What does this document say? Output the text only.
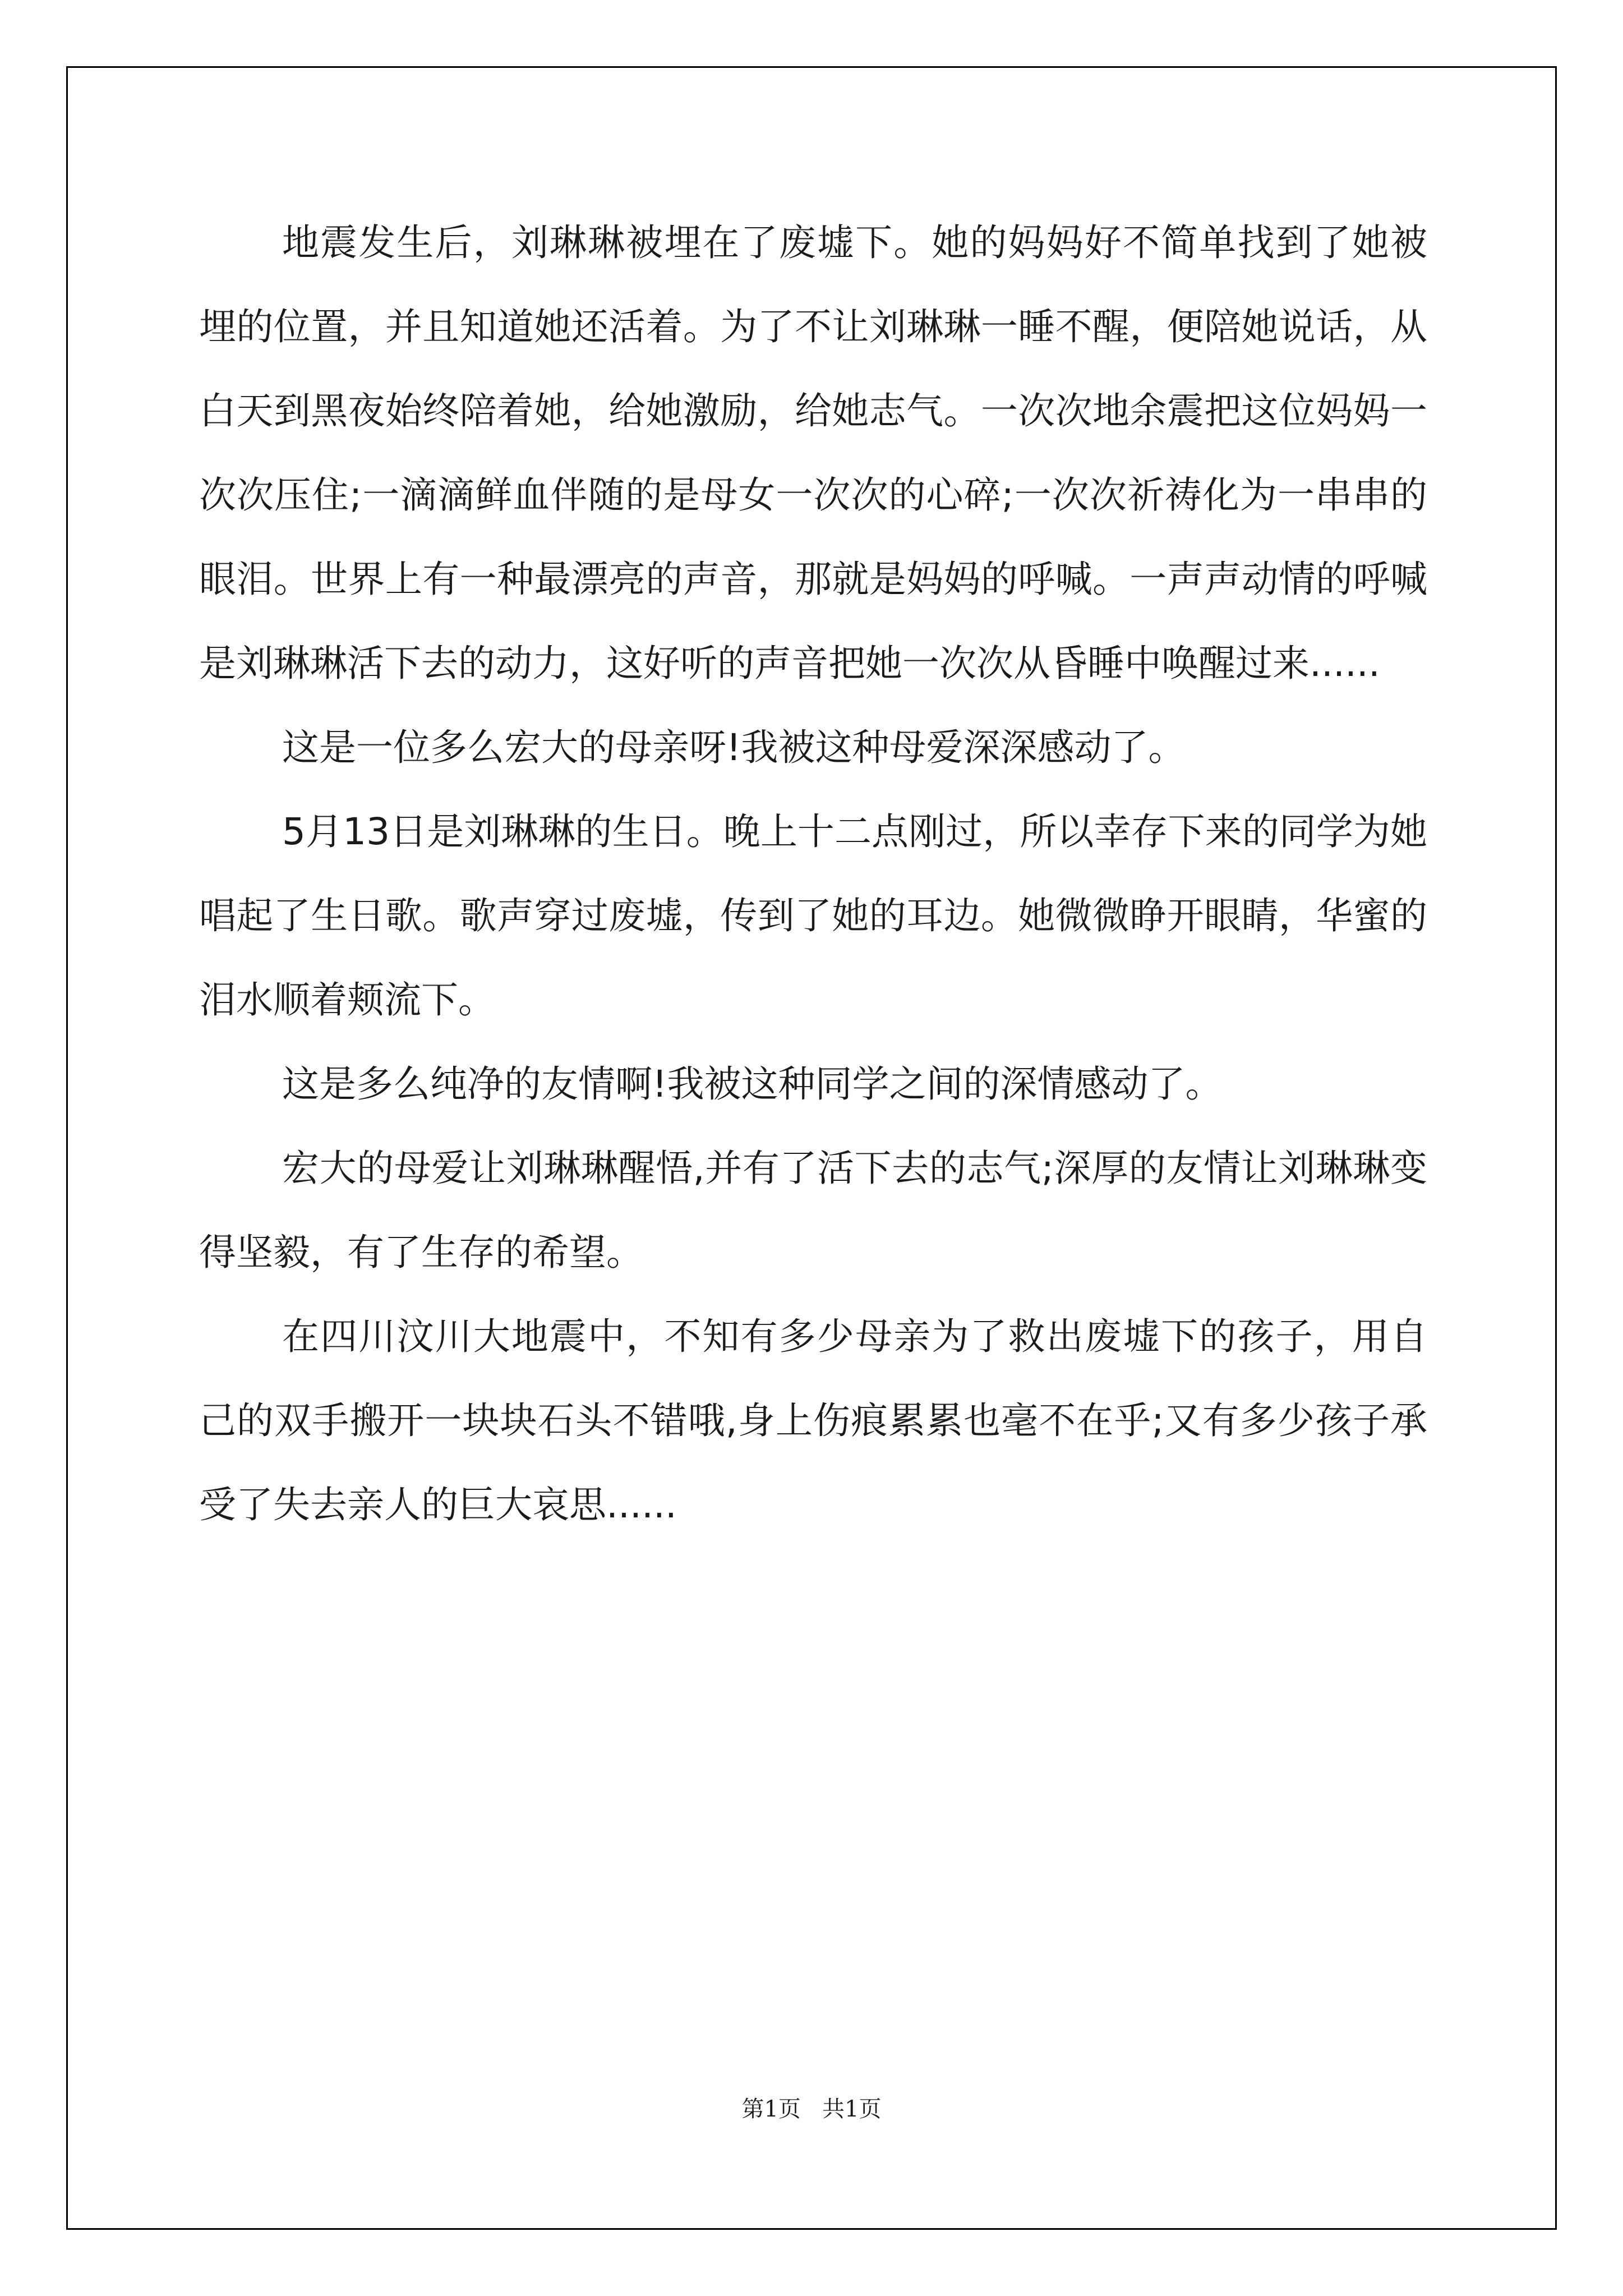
地震发生后，刘琳琳被埋在了废墟下。她的妈妈好不简单找到了她被埋的位置，并且知道她还活着。为了不让刘琳琳一睡不醒，便陪她说话，从白天到黑夜始终陪着她，给她激励，给她志气。一次次地余震把这位妈妈一次次压住;一滴滴鲜血伴随的是母女一次次的心碎;一次次祈祷化为一串串的眼泪。世界上有一种最漂亮的声音，那就是妈妈的呼喊。一声声动情的呼喊是刘琳琳活下去的动力，这好听的声音把她一次次从昏睡中唤醒过来......

这是一位多么宏大的母亲呀!我被这种母爱深深感动了。

5月13日是刘琳琳的生日。晚上十二点刚过，所以幸存下来的同学为她唱起了生日歌。歌声穿过废墟，传到了她的耳边。她微微睁开眼睛，华蜜的泪水顺着颊流下。

这是多么纯净的友情啊!我被这种同学之间的深情感动了。

宏大的母爱让刘琳琳醒悟,并有了活下去的志气;深厚的友情让刘琳琳变得坚毅，有了生存的希望。

在四川汶川大地震中，不知有多少母亲为了救出废墟下的孩子，用自己的双手搬开一块块石头不错哦,身上伤痕累累也毫不在乎;又有多少孩子承受了失去亲人的巨大哀思......

第1页   共1页
